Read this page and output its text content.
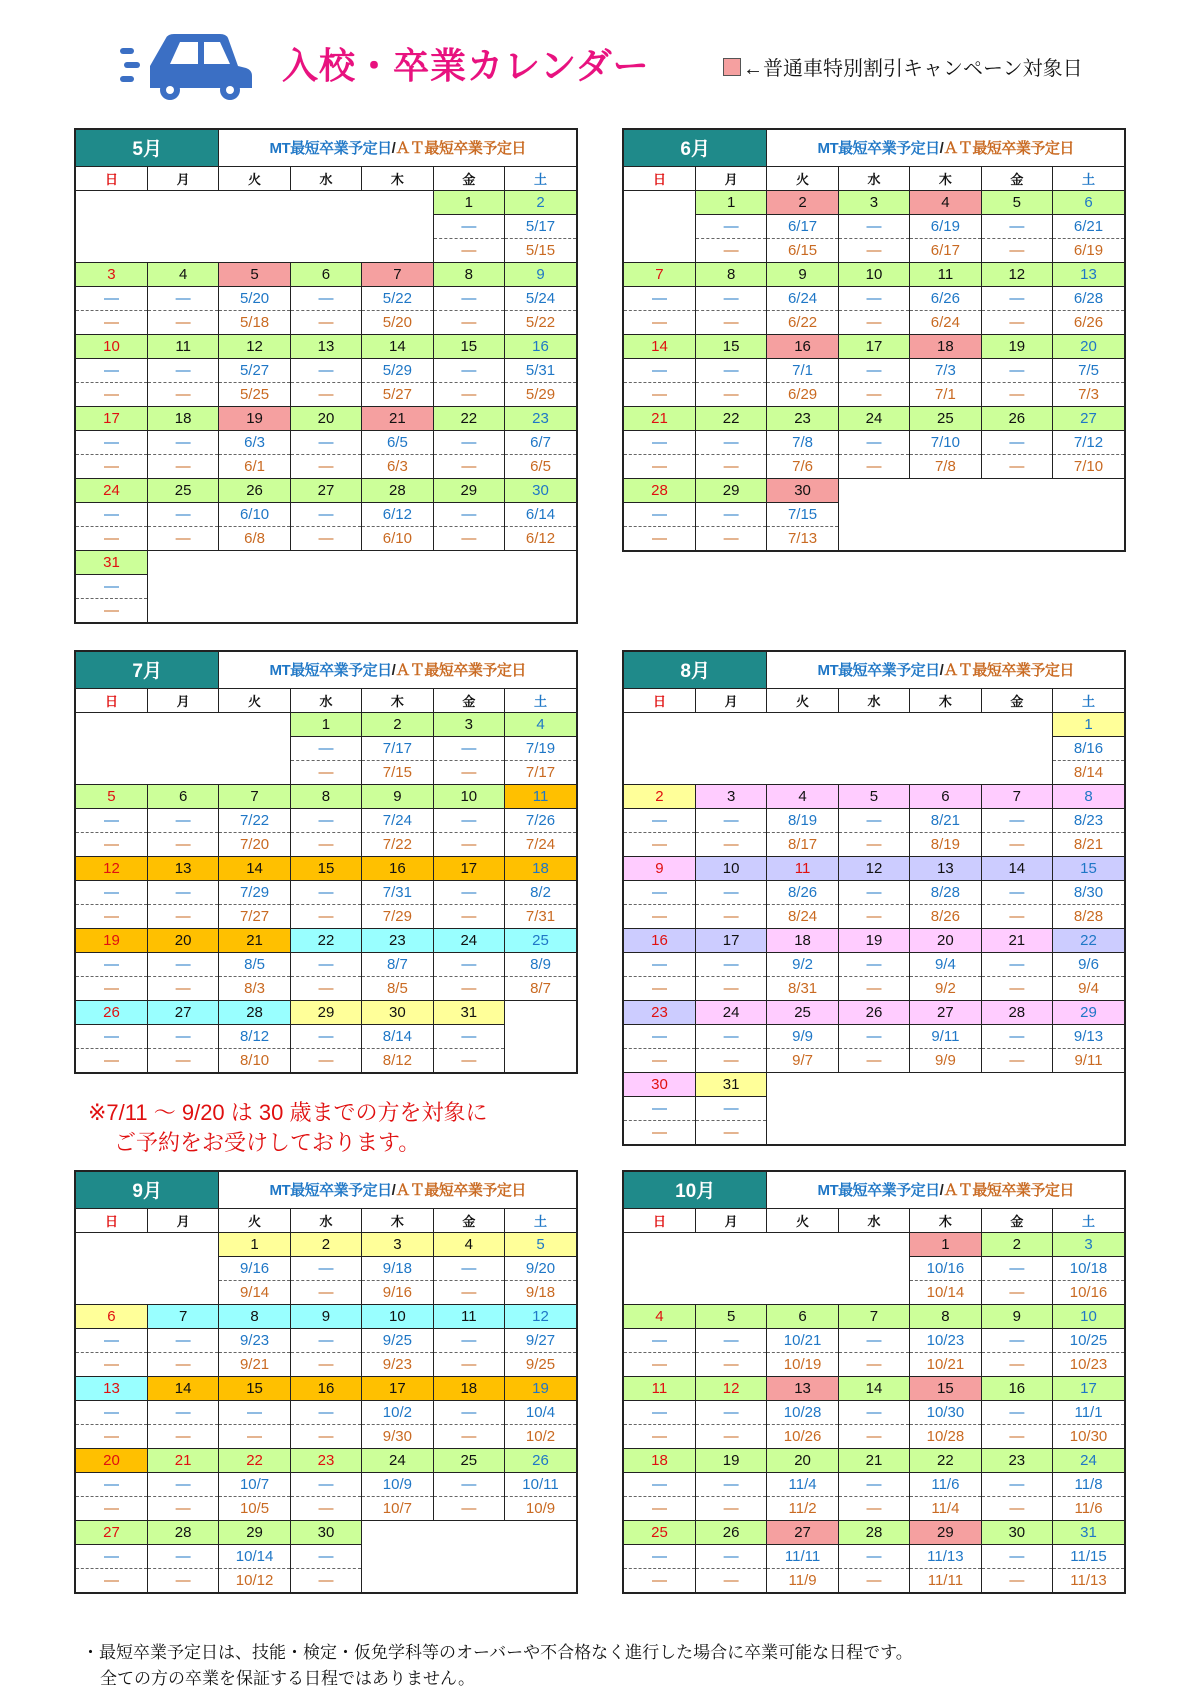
入校・卒業カレンダー	←普通車特別割引キャンペーン対象日
5月		MT最短卒業予定日/ＡＴ最短卒業予定日				
日	月	火	水	木	金	土
					1	2
					—	5/17
					—	5/15
3	4	5	6	7	8	9
—	—	5/20	—	5/22	—	5/24
—	—	5/18	—	5/20	—	5/22
10	11	12	13	14	15	16
—	—	5/27	—	5/29	—	5/31
—	—	5/25	—	5/27	—	5/29
17	18	19	20	21	22	23
—	—	6/3	—	6/5	—	6/7
—	—	6/1	—	6/3	—	6/5
24	25	26	27	28	29	30
—	—	6/10	—	6/12	—	6/14
—	—	6/8	—	6/10	—	6/12
31						
—						
—						
6月		MT最短卒業予定日/ＡＴ最短卒業予定日				
日	月	火	水	木	金	土
	1	2	3	4	5	6
	—	6/17	—	6/19	—	6/21
	—	6/15	—	6/17	—	6/19
7	8	9	10	11	12	13
—	—	6/24	—	6/26	—	6/28
—	—	6/22	—	6/24	—	6/26
14	15	16	17	18	19	20
—	—	7/1	—	7/3	—	7/5
—	—	6/29	—	7/1	—	7/3
21	22	23	24	25	26	27
—	—	7/8	—	7/10	—	7/12
—	—	7/6	—	7/8	—	7/10
28	29	30				
—	—	7/15				
—	—	7/13				
7月		MT最短卒業予定日/ＡＴ最短卒業予定日				
日	月	火	水	木	金	土
			1	2	3	4
			—	7/17	—	7/19
			—	7/15	—	7/17
5	6	7	8	9	10	11
—	—	7/22	—	7/24	—	7/26
—	—	7/20	—	7/22	—	7/24
12	13	14	15	16	17	18
—	—	7/29	—	7/31	—	8/2
—	—	7/27	—	7/29	—	7/31
19	20	21	22	23	24	25
—	—	8/5	—	8/7	—	8/9
—	—	8/3	—	8/5	—	8/7
26	27	28	29	30	31	
—	—	8/12	—	8/14	—	
—	—	8/10	—	8/12	—	
8月		MT最短卒業予定日/ＡＴ最短卒業予定日				
日	月	火	水	木	金	土
						1
						8/16
						8/14
2	3	4	5	6	7	8
—	—	8/19	—	8/21	—	8/23
—	—	8/17	—	8/19	—	8/21
9	10	11	12	13	14	15
—	—	8/26	—	8/28	—	8/30
—	—	8/24	—	8/26	—	8/28
16	17	18	19	20	21	22
—	—	9/2	—	9/4	—	9/6
—	—	8/31	—	9/2	—	9/4
23	24	25	26	27	28	29
—	—	9/9	—	9/11	—	9/13
—	—	9/7	—	9/9	—	9/11
30	31					
—	—					
—	—					
9月		MT最短卒業予定日/ＡＴ最短卒業予定日				
日	月	火	水	木	金	土
		1	2	3	4	5
		9/16	—	9/18	—	9/20
		9/14	—	9/16	—	9/18
6	7	8	9	10	11	12
—	—	9/23	—	9/25	—	9/27
—	—	9/21	—	9/23	—	9/25
13	14	15	16	17	18	19
—	—	—	—	10/2	—	10/4
—	—	—	—	9/30	—	10/2
20	21	22	23	24	25	26
—	—	10/7	—	10/9	—	10/11
—	—	10/5	—	10/7	—	10/9
27	28	29	30			
—	—	10/14	—			
—	—	10/12	—			
10月		MT最短卒業予定日/ＡＴ最短卒業予定日				
日	月	火	水	木	金	土
				1	2	3
				10/16	—	10/18
				10/14	—	10/16
4	5	6	7	8	9	10
—	—	10/21	—	10/23	—	10/25
—	—	10/19	—	10/21	—	10/23
11	12	13	14	15	16	17
—	—	10/28	—	10/30	—	11/1
—	—	10/26	—	10/28	—	10/30
18	19	20	21	22	23	24
—	—	11/4	—	11/6	—	11/8
—	—	11/2	—	11/4	—	11/6
25	26	27	28	29	30	31
—	—	11/11	—	11/13	—	11/15
—	—	11/9	—	11/11	—	11/13
※7/11 ～ 9/20 は 30 歳までの方を対象に
ご予約をお受けしております。
・最短卒業予定日は、技能・検定・仮免学科等のオーバーや不合格なく進行した場合に卒業可能な日程です。
全ての方の卒業を保証する日程ではありません。
